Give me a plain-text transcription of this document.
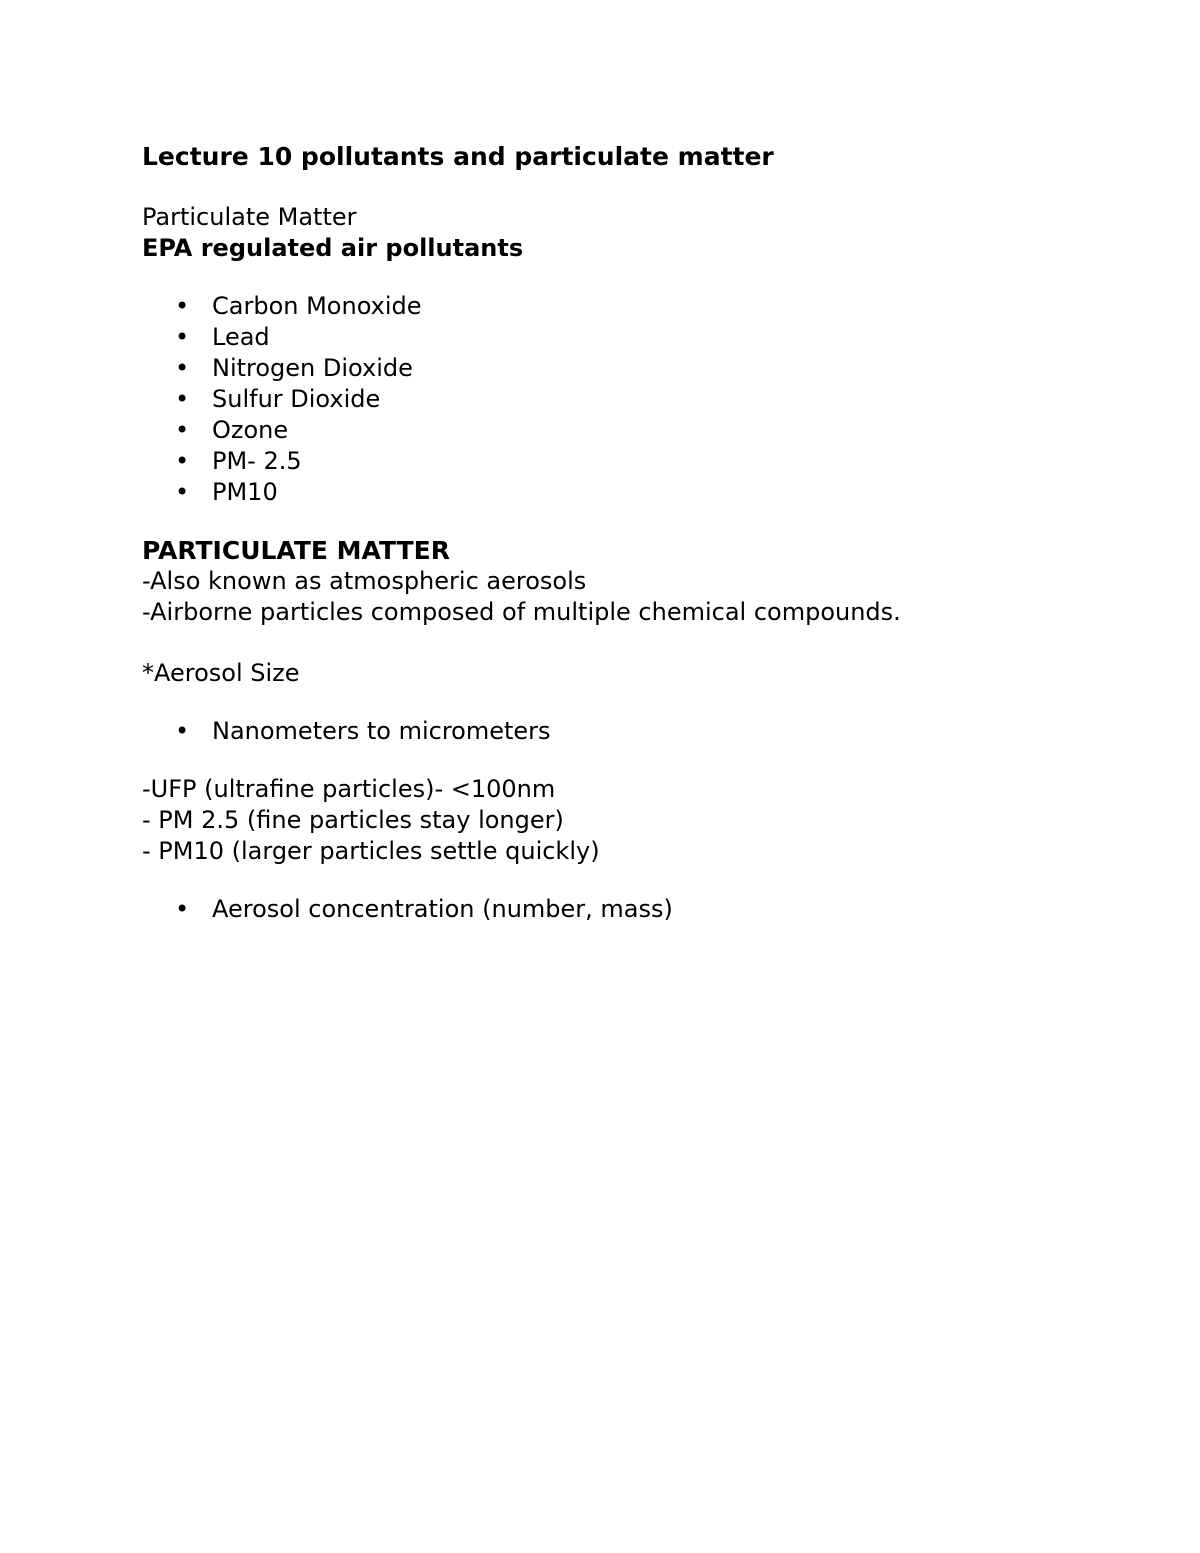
Lecture 10 pollutants and particulate matter

Particulate Matter

EPA regulated air pollutants

• Carbon Monoxide
• Lead
• Nitrogen Dioxide
• Sulfur Dioxide
• Ozone
• PM- 2.5
• PM10

PARTICULATE MATTER

-Also known as atmospheric aerosols

-Airborne particles composed of multiple chemical compounds.

*Aerosol Size

• Nanometers to micrometers

-UFP (ultrafine particles)- <100nm

- PM 2.5 (fine particles stay longer)

- PM10 (larger particles settle quickly)

• Aerosol concentration (number, mass)
